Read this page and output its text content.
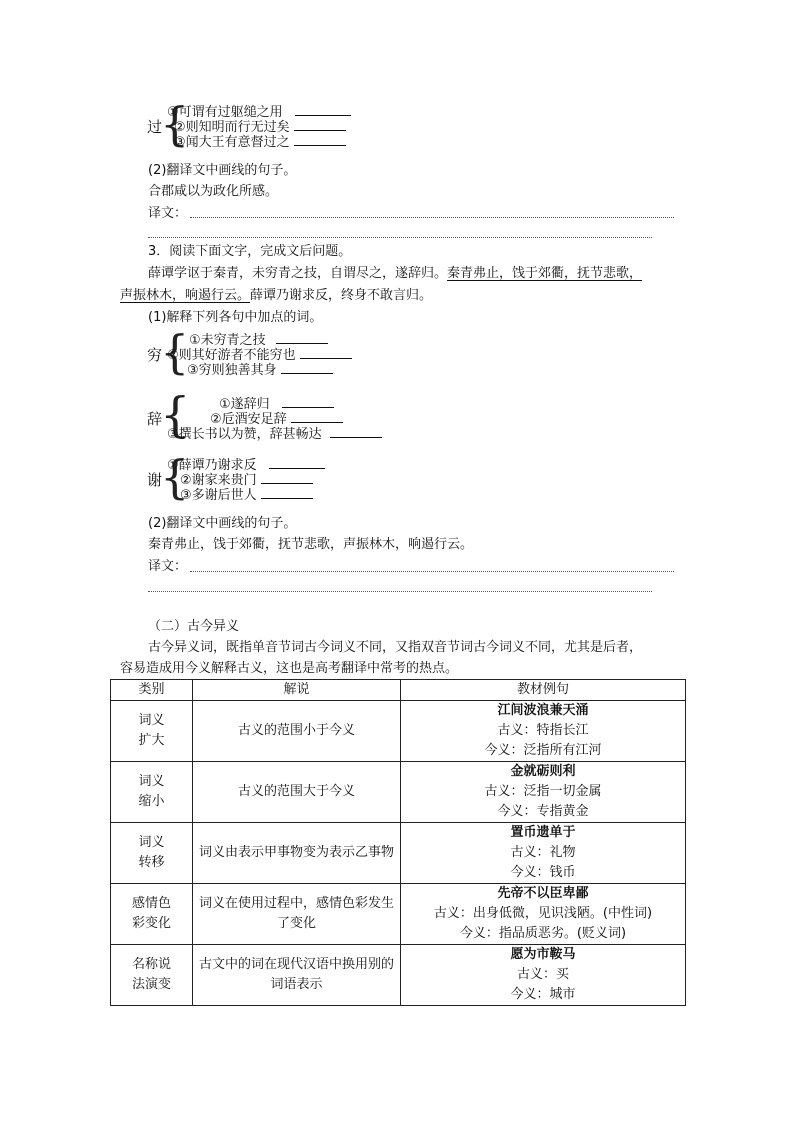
过
{
①可谓有过躯缒之用
②则知明而行无过矣
③闻大王有意督过之
(2)翻译文中画线的句子。
合郡咸以为政化所感。
译文：
3．阅读下面文字，完成文后问题。
薛谭学讴于秦青，未穷青之技，自谓尽之，遂辞归。秦青弗止，饯于郊衢，抚节悲歌，
声振林木，响遏行云。薛谭乃谢求反，终身不敢言归。
(1)解释下列各句中加点的词。
穷
{ ①未穷青之技
②则其好游者不能穷也
③穷则独善其身
辞
{ ①遂辞归
②卮酒安足辞
③撰长书以为赞，辞甚畅达
谢
{
①薛谭乃谢求反
②谢家来贵门
③多谢后世人
(2)翻译文中画线的句子。
秦青弗止，饯于郊衢，抚节悲歌，声振林木，响遏行云。
译文：
（二）古今异义
古今异义词，既指单音节词古今词义不同，又指双音节词古今词义不同，尤其是后者，
容易造成用今义解释古义，这也是高考翻译中常考的热点。
类别	解说	教材例句

词义
扩大	古义的范围小于今义	江间波浪兼天涌
古义：特指长江
今义：泛指所有江河

词义
缩小	古义的范围大于今义	金就砺则利
古义：泛指一切金属
今义：专指黄金

词义
转移	词义由表示甲事物变为表示乙事物	置币遗单于
古义：礼物
今义：钱币

感情色
彩变化	词义在使用过程中，感情色彩发生了变化	先帝不以臣卑鄙
古义：出身低微，见识浅陋。(中性词)
今义：指品质恶劣。(贬义词)

名称说
法演变	古文中的词在现代汉语中换用别的词语表示	愿为市鞍马
古义：买
今义：城市
